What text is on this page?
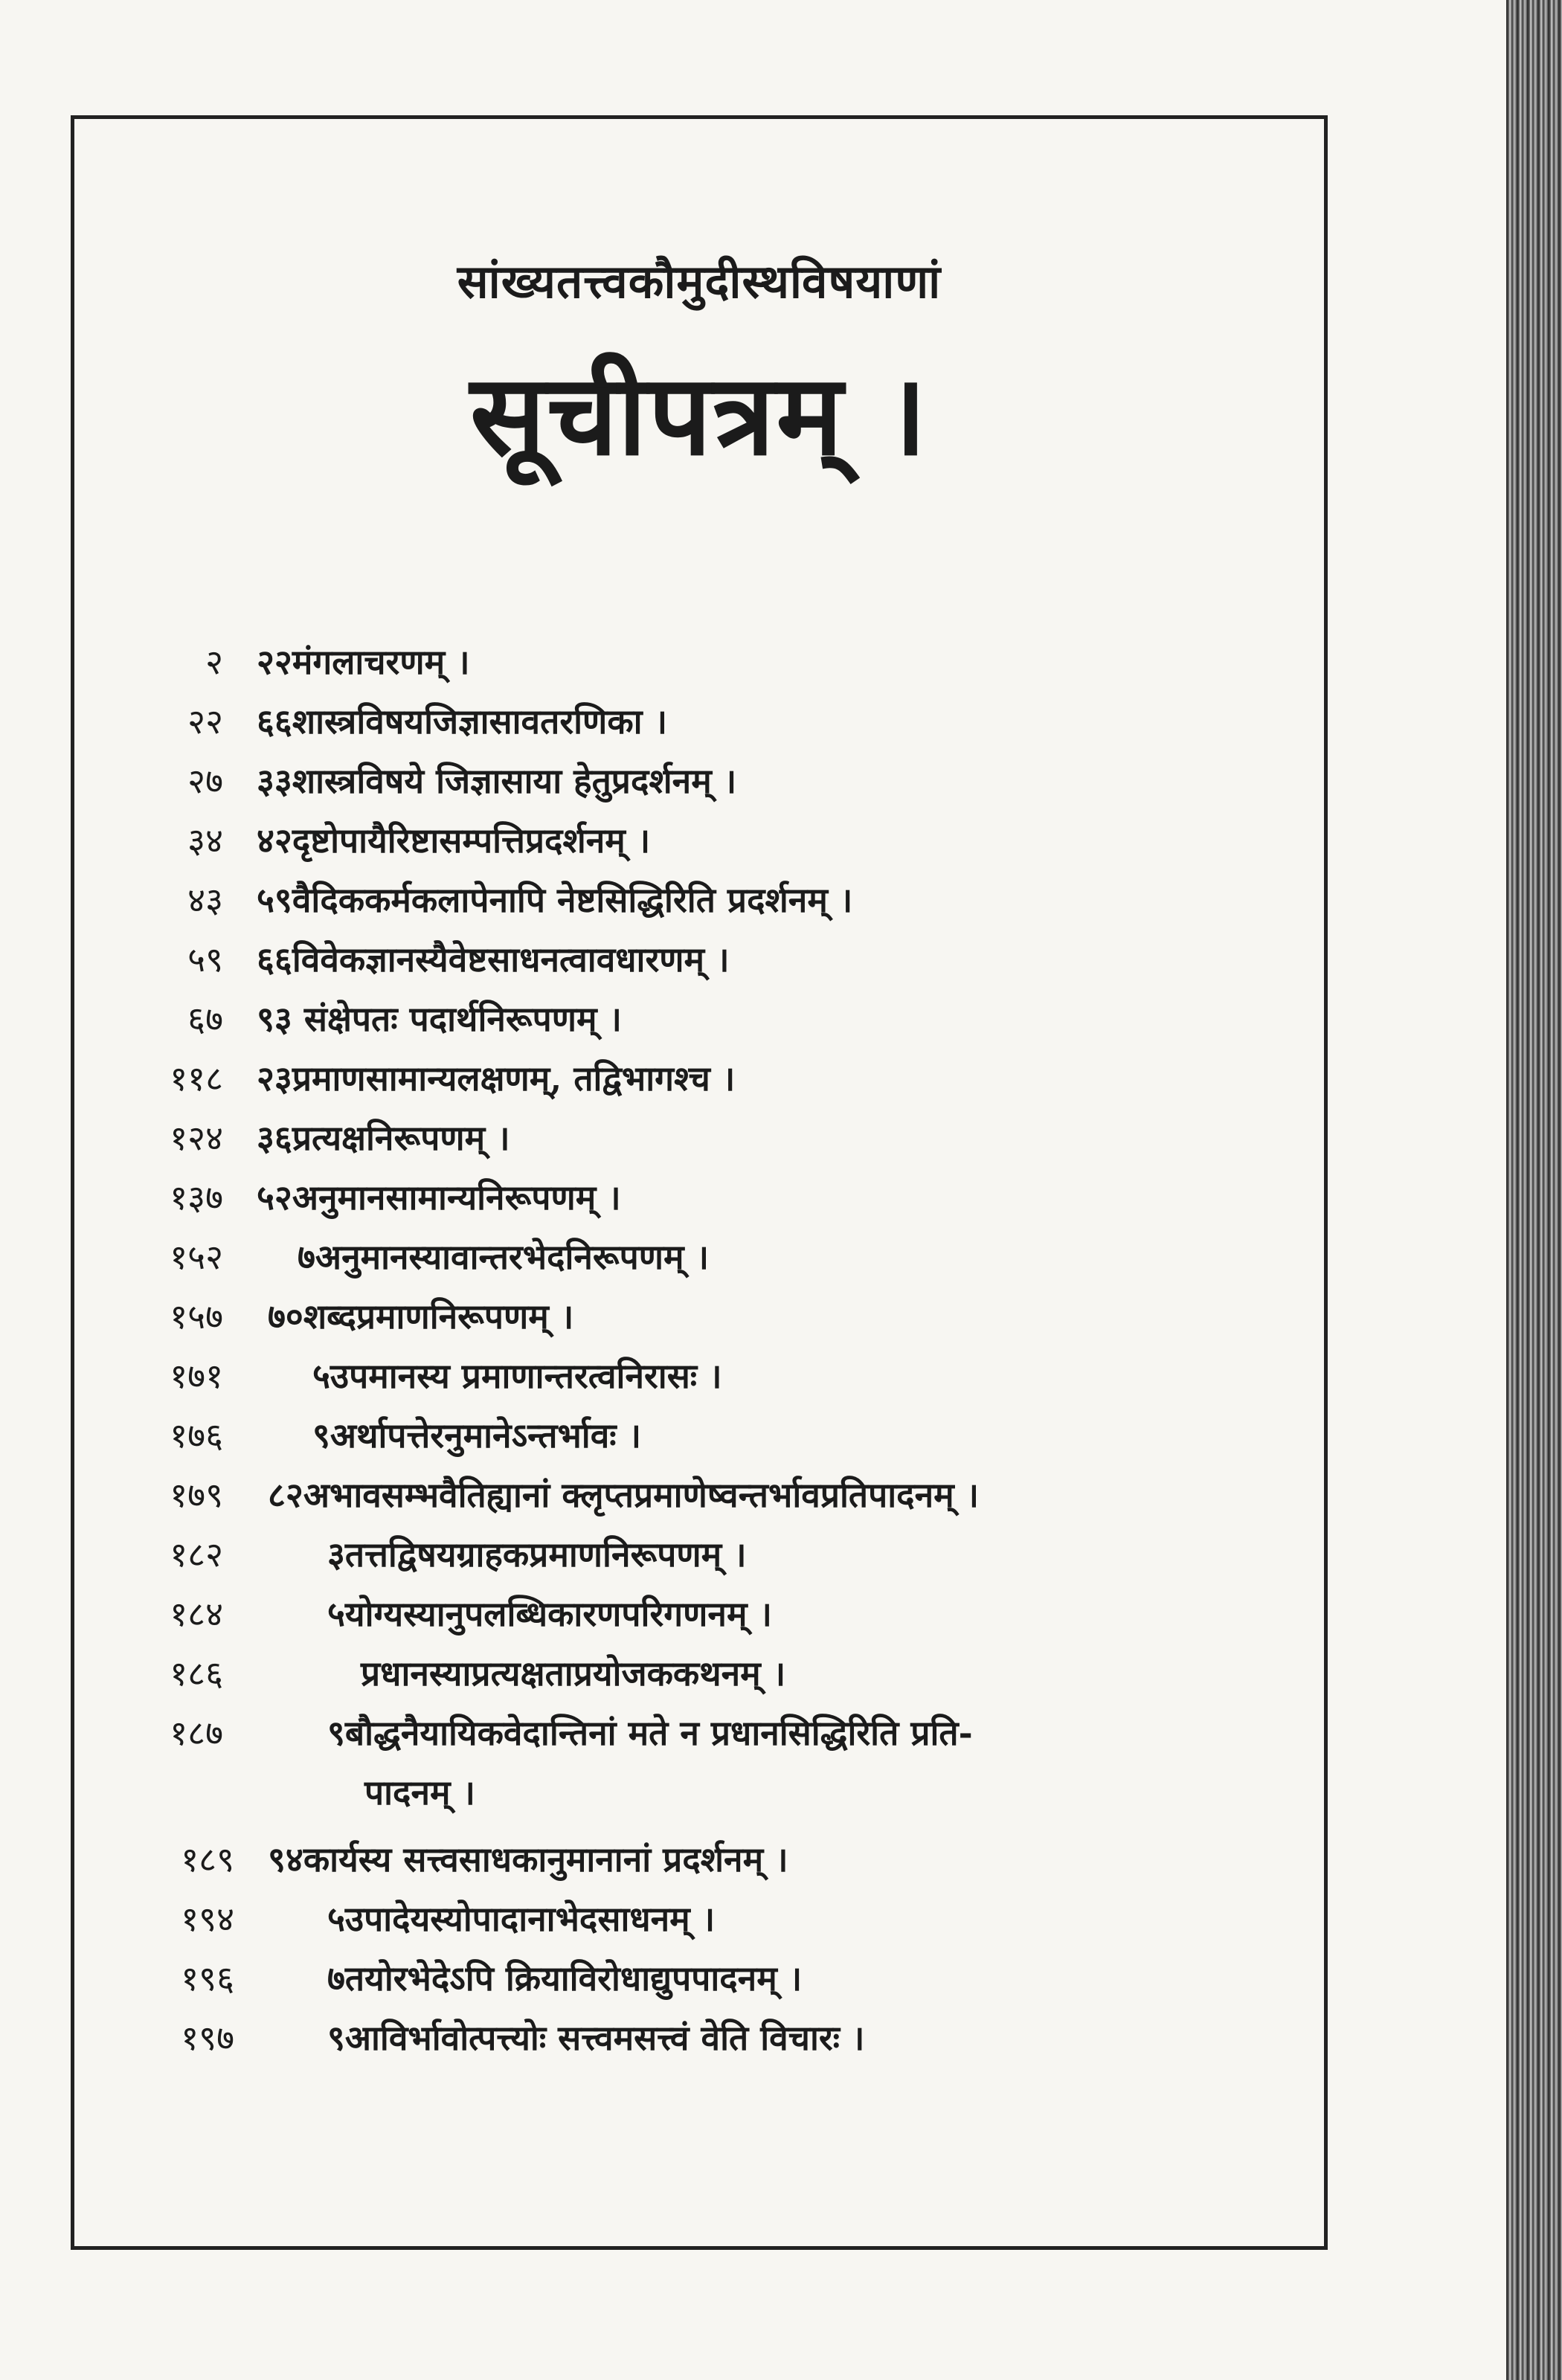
सांख्यतत्त्वकौमुदीस्थविषयाणां
सूचीपत्रम् ।
२ २२मंगलाचरणम् ।
२२ ६६शास्त्रविषयजिज्ञासावतरणिका ।
२७ ३३शास्त्रविषये जिज्ञासाया हेतुप्रदर्शनम् ।
३४ ४२दृष्टोपायैरिष्टासम्पत्तिप्रदर्शनम् ।
४३ ५९वैदिककर्मकलापेनापि नेष्टसिद्धिरिति प्रदर्शनम् ।
५९ ६६विवेकज्ञानस्यैवेष्टसाधनत्वावधारणम् ।
६७ ९३ संक्षेपतः पदार्थनिरूपणम् ।
११८ २३प्रमाणसामान्यलक्षणम्, तद्विभागश्च ।
१२४ ३६प्रत्यक्षनिरूपणम् ।
१३७ ५२अनुमानसामान्यनिरूपणम् ।
१५२ ७अनुमानस्यावान्तरभेदनिरूपणम् ।
१५७ ७०शब्दप्रमाणनिरूपणम् ।
१७१	५उपमानस्य प्रमाणान्तरत्वनिरासः ।
१७६	९अर्थापत्तेरनुमानेऽन्तर्भावः ।
१७९ ८२अभावसम्भवैतिह्यानां क्लृप्तप्रमाणेष्वन्तर्भावप्रतिपादनम् ।
१८२	३तत्तद्विषयग्राहकप्रमाणनिरूपणम् ।
१८४	५योग्यस्यानुपलब्धिकारणपरिगणनम् ।
१८६	प्रधानस्याप्रत्यक्षताप्रयोजककथनम् ।
१८७	९बौद्धनैयायिकवेदान्तिनां मते न प्रधानसिद्धिरिति प्रति-
पादनम् ।
१८९ ९४कार्यस्य सत्त्वसाधकानुमानानां प्रदर्शनम् ।
१९४	५उपादेयस्योपादानाभेदसाधनम् ।
१९६	७तयोरभेदेऽपि क्रियाविरोधाद्युपपादनम् ।
१९७	९आविर्भावोत्पत्त्योः सत्त्वमसत्त्वं वेति विचारः ।
